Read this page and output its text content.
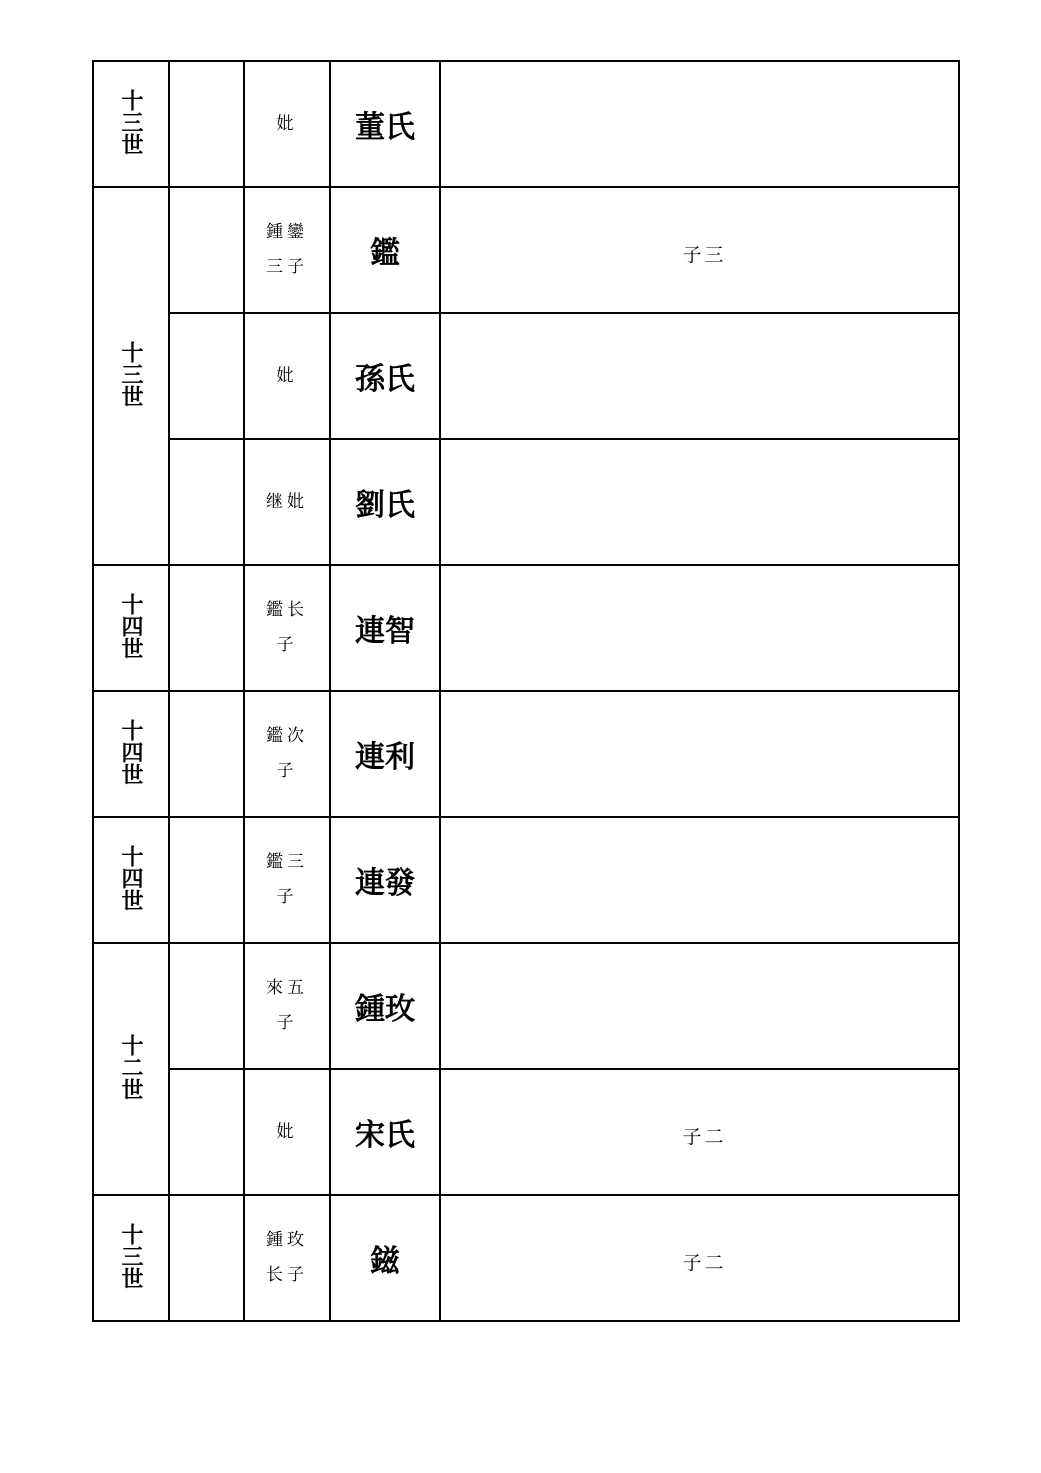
十三世		妣	董氏	

十三世		鍾鑾三子	鑑	子三

		妣	孫氏	

		继妣	劉氏	

十四世		鑑长子	連智	

十四世		鑑次子	連利	

十四世		鑑三子	連發	

十二世		來五子	鍾玫	

		妣	宋氏	子二

十三世		鍾玫长子	鎡	子二
